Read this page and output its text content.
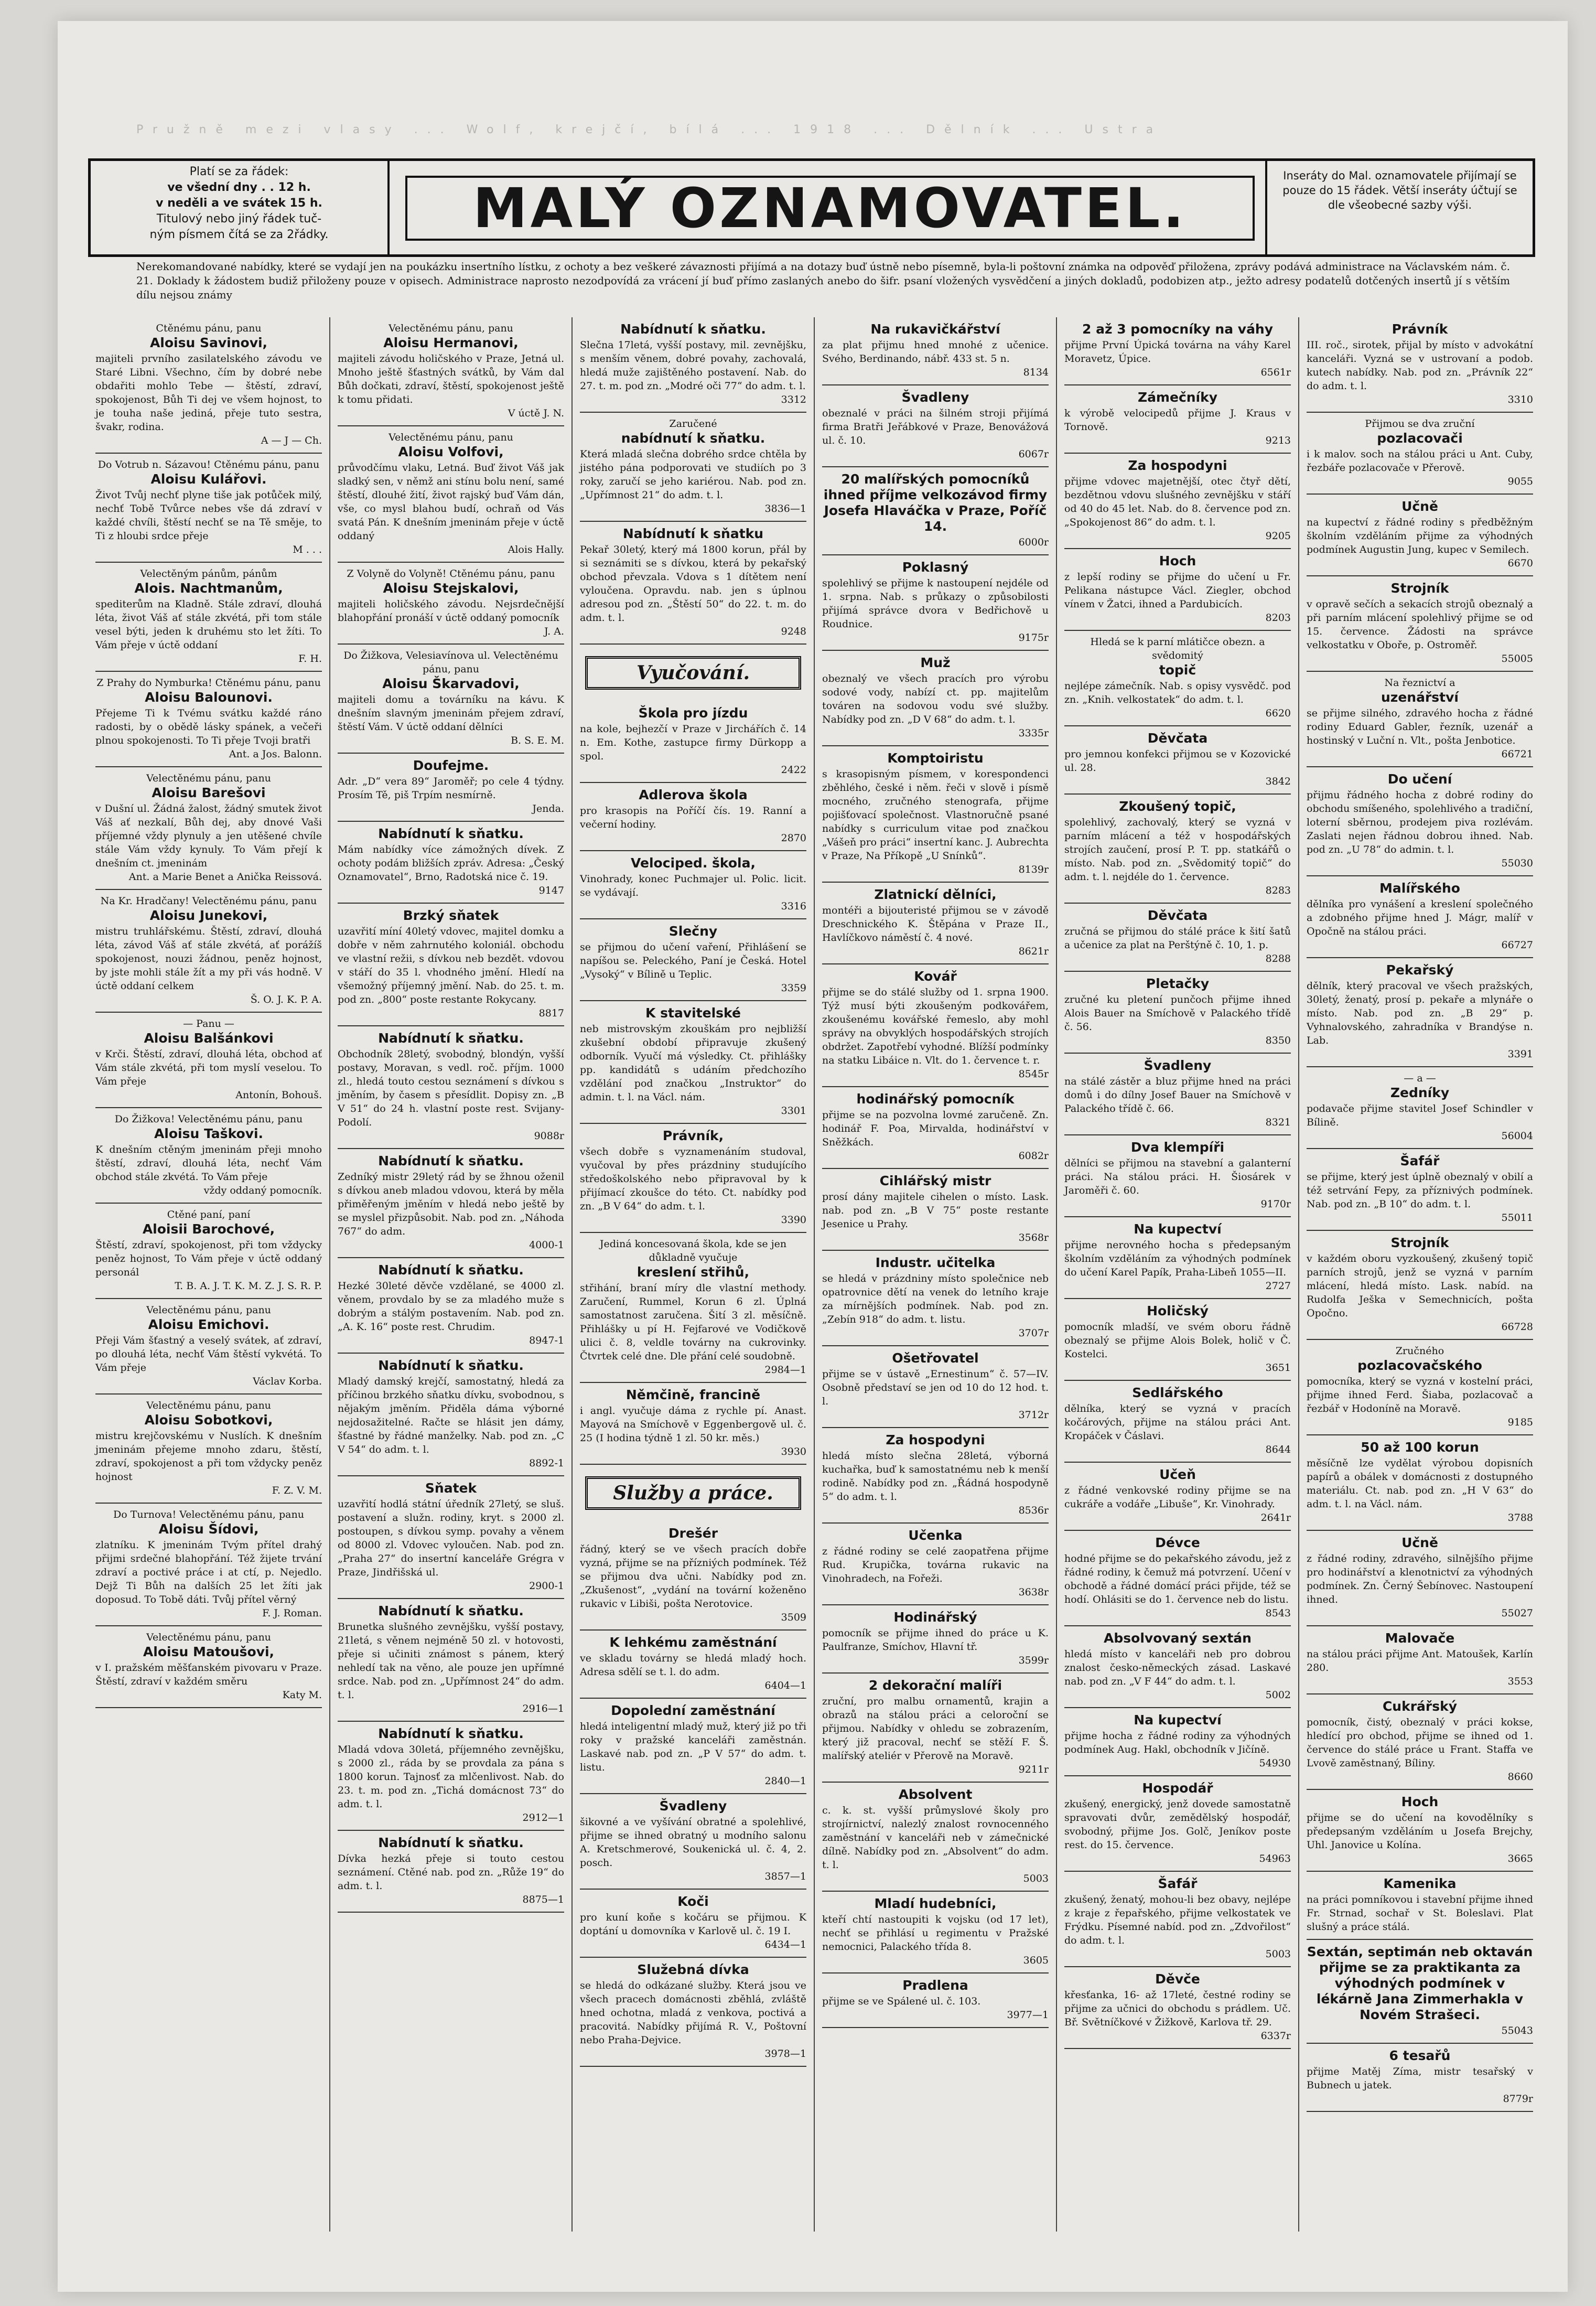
Pružně mezi vlasy ... Wolf, krejčí, bílá ... 1918 ... Dělník ... Ustra
Platí se za řádek:
ve všední dny . . 12 h.
v neděli a ve svátek 15 h.
Titulový nebo jiný řádek tuč-
ným písmem čítá se za 2řádky.	MALÝ OZNAMOVATEL.
Inseráty do Mal. oznamovatele přijímají se pouze do 15 řádek. Větší inseráty účtují se dle všeobecné sazby výši.
Nerekomandované nabídky, které se vydají jen na poukázku insertního lístku, z ochoty a bez veškeré závaznosti přijímá a na dotazy buď ústně nebo písemně, byla-li poštovní známka na odpověď přiložena, zprávy podává administrace na Václavském nám. č. 21. Doklady k žádostem budiž přiloženy pouze v opisech. Administrace naprosto nezodpovídá za vrácení jí buď přímo zaslaných anebo do šifr. psaní vložených vysvědčení a jiných dokladů, podobizen atp., ježto adresy podatelů dotčených insertů jí s větším dílu nejsou známy

Ctěnému pánu, panu

Aloisu Savinovi,

majiteli prvního zasilatelského závodu ve Staré Libni. Všechno, čím by dobré nebe obdařiti mohlo Tebe — štěstí, zdraví, spokojenost, Bůh Ti dej ve všem hojnost, to je touha naše jediná, přeje tuto sestra, švakr, rodina.

A — J — Ch.

Do Votrub n. Sázavou! Ctěnému pánu, panu

Aloisu Kulářovi.

Život Tvůj nechť plyne tiše jak potůček milý, nechť Tobě Tvůrce nebes vše dá zdraví v každé chvíli, štěstí nechť se na Tě směje, to Ti z hloubi srdce přeje

M . . .

Velectěným pánům, pánům

Alois. Nachtmanům,

spediterům na Kladně. Stále zdraví, dlouhá léta, život Váš ať stále zkvétá, při tom stále vesel býti, jeden k druhému sto let žíti. To Vám přeje v úctě oddaní

F. H.

Z Prahy do Nymburka! Ctěnému pánu, panu

Aloisu Balounovi.

Přejeme Ti k Tvému svátku každé ráno radosti, by o obědě lásky spánek, a večeři plnou spokojenosti. To Ti přeje Tvoji bratři

Ant. a Jos. Balonn.

Velectěnému pánu, panu

Aloisu Barešovi

v Dušní ul. Žádná žalost, žádný smutek život Váš ať nezkalí, Bůh dej, aby dnové Vaši příjemné vždy plynuly a jen utěšené chvíle stále Vám vždy kynuly. To Vám přejí k dnešním ct. jmeninám

Ant. a Marie Benet a Anička Reissová.

Na Kr. Hradčany! Velectěnému pánu, panu

Aloisu Junekovi,

mistru truhlářskému. Štěstí, zdraví, dlouhá léta, závod Váš ať stále zkvétá, ať porážíš spokojenost, nouzi žádnou, peněz hojnost, by jste mohli stále žít a my při vás hodně. V úctě oddaní celkem

Š. O. J. K. P. A.

— Panu —

Aloisu Balšánkovi

v Krči. Štěstí, zdraví, dlouhá léta, obchod ať Vám stále zkvétá, při tom myslí veselou. To Vám přeje

Antonín, Bohouš.

Do Žižkova! Velectěnému pánu, panu

Aloisu Taškovi.

K dnešním ctěným jmeninám přeji mnoho štěstí, zdraví, dlouhá léta, nechť Vám obchod stále zkvétá. To Vám přeje

vždy oddaný pomocník.

Ctěné paní, paní

Aloisii Barochové,

Štěstí, zdraví, spokojenost, při tom vždycky peněz hojnost, To Vám přeje v úctě oddaný personál

T. B. A. J. T. K. M. Z. J. S. R. P.

Velectěnému pánu, panu

Aloisu Emichovi.

Přeji Vám šťastný a veselý svátek, ať zdraví, po dlouhá léta, nechť Vám štěstí vykvétá. To Vám přeje

Václav Korba.

Velectěnému pánu, panu

Aloisu Sobotkovi,

mistru krejčovskému v Nuslích. K dnešním jmeninám přejeme mnoho zdaru, štěstí, zdraví, spokojenost a při tom vždycky peněz hojnost

F. Z. V. M.

Do Turnova! Velectěnému pánu, panu

Aloisu Šídovi,

zlatníku. K jmeninám Tvým přítel drahý přijmi srdečné blahopřání. Též žijete trvání zdraví a poctivé práce i at ctí, p. Nejedlo. Dejž Ti Bůh na dalších 25 let žíti jak doposud. To Tobě dáti. Tvůj přítel věrný

F. J. Roman.

Velectěnému pánu, panu

Aloisu Matoušovi,

v I. pražském měšťanském pivovaru v Praze. Štěstí, zdraví v každém směru

Katy M.

Velectěnému pánu, panu

Aloisu Hermanovi,

majiteli závodu holičského v Praze, Jetná ul. Mnoho ještě šťastných svátků, by Vám dal Bůh dočkati, zdraví, štěstí, spokojenost ještě k tomu přidati.

V úctě J. N.

Velectěnému pánu, panu

Aloisu Volfovi,

průvodčímu vlaku, Letná. Buď život Váš jak sladký sen, v němž ani stínu bolu není, samé štěstí, dlouhé žití, život rajský buď Vám dán, vše, co mysl blahou budí, ochraň od Vás svatá Pán. K dnešním jmeninám přeje v úctě oddaný

Alois Hally.

Z Volyně do Volyně! Ctěnému pánu, panu

Aloisu Stejskalovi,

majiteli holičského závodu. Nejsrdečnější blahopřání pronáší v úctě oddaný pomocník

J. A.

Do Žižkova, Velesiavínova ul. Velectěnému pánu, panu

Aloisu Škarvadovi,

majiteli domu a továrníku na kávu. K dnešním slavným jmeninám přejem zdraví, štěstí Vám. V úctě oddaní dělníci

B. S. E. M.

Doufejme.

Adr. „D“ vera 89“ Jaroměř; po cele 4 týdny. Prosím Tě, piš Trpím nesmírně.

Jenda.

Nabídnutí k sňatku.

Mám nabídky více zámožných dívek. Z ochoty podám bližších zpráv. Adresa: „Český Oznamovatel“, Brno, Radotská nice č. 19.

9147

Brzký sňatek

uzavřití míní 40letý vdovec, majitel domku a dobře v něm zahrnutého koloniál. obchodu ve vlastní režii, s dívkou neb bezdět. vdovou v stáří do 35 l. vhodného jmění. Hledí na všemožný příjemný jmění. Nab. do 25. t. m. pod zn. „800“ poste restante Rokycany.

8817

Nabídnutí k sňatku.

Obchodník 28letý, svobodný, blondýn, vyšší postavy, Moravan, s vedl. roč. příjm. 1000 zl., hledá touto cestou seznámení s dívkou s jměním, by časem s přesídlit. Dopisy zn. „B V 51“ do 24 h. vlastní poste rest. Svijany-Podolí.

9088r

Nabídnutí k sňatku.

Zedníký mistr 29letý rád by se žhnou oženil s dívkou aneb mladou vdovou, která by měla přiměřeným jměním v hledá nebo ještě by se myslel přizpůsobit. Nab. pod zn. „Náhoda 767“ do adm.

4000-1

Nabídnutí k sňatku.

Hezké 30leté děvče vzdělané, se 4000 zl. věnem, provdalo by se za mladého muže s dobrým a stálým postavením. Nab. pod zn. „A. K. 16“ poste rest. Chrudim.

8947-1

Nabídnutí k sňatku.

Mladý damský krejčí, samostatný, hledá za příčinou brzkého sňatku dívku, svobodnou, s nějakým jměním. Přiděla dáma výborné nejdosažitelné. Račte se hlásit jen dámy, šťastné by řádné manželky. Nab. pod zn. „C V 54“ do adm. t. l.

8892-1

Sňatek

uzavřití hodlá státní úředník 27letý, se sluš. postavení a služn. rodiny, kryt. s 2000 zl. postoupen, s dívkou symp. povahy a věnem od 8000 zl. Vdovec vyloučen. Nab. pod zn. „Praha 27“ do insertní kanceláře Grégra v Praze, Jindřišská ul.

2900-1

Nabídnutí k sňatku.

Brunetka slušného zevnějšku, vyšší postavy, 21letá, s věnem nejméně 50 zl. v hotovosti, přeje si učiniti známost s pánem, který nehledí tak na věno, ale pouze jen upřímné srdce. Nab. pod zn. „Upřímnost 24“ do adm. t. l.

2916—1

Nabídnutí k sňatku.

Mladá vdova 30letá, příjemného zevnějšku, s 2000 zl., ráda by se provdala za pána s 1800 korun. Tajnosť za mlčenlivost. Nab. do 23. t. m. pod zn. „Tichá domácnost 73“ do adm. t. l.

2912—1

Nabídnutí k sňatku.

Dívka hezká přeje si touto cestou seznámení. Ctěné nab. pod zn. „Růže 19“ do adm. t. l.

8875—1

Nabídnutí k sňatku.

Slečna 17letá, vyšší postavy, mil. zevnějšku, s menším věnem, dobré povahy, zachovalá, hledá muže zajištěného postavení. Nab. do 27. t. m. pod zn. „Modré oči 77“ do adm. t. l.

3312

Zaručené

nabídnutí k sňatku.

Která mladá slečna dobrého srdce chtěla by jistého pána podporovati ve studiích po 3 roky, zaručí se jeho kariérou. Nab. pod zn. „Upřímnost 21“ do adm. t. l.

3836—1

Nabídnutí k sňatku

Pekař 30letý, který má 1800 korun, přál by si seznámiti se s dívkou, která by pekařský obchod převzala. Vdova s 1 dítětem není vyloučena. Opravdu. nab. jen s úplnou adresou pod zn. „Štěstí 50“ do 22. t. m. do adm. t. l.

9248

Vyučování.
Škola pro jízdu

na kole, bejhezčí v Praze v Jirchářích č. 14 n. Em. Kothe, zastupce firmy Dürkopp a spol.

2422

Adlerova škola

pro krasopis na Poříčí čís. 19. Ranní a večerní hodiny.

2870

Velociped. škola,

Vinohrady, konec Puchmajer ul. Polic. licit. se vydávají.

3316

Slečny

se přijmou do učení vaření, Přihlášení se napíšou se. Peleckého, Paní je Česká. Hotel „Vysoký“ v Bílině u Teplic.

3359

K stavitelské

neb mistrovským zkouškám pro nejbližší zkušební období připravuje zkušený odborník. Vyučí má výsledky. Ct. přihlášky pp. kandidátů s udáním předchozího vzdělání pod značkou „Instruktor“ do admin. t. l. na Václ. nám.

3301

Právník,

všech dobře s vyznamenáním studoval, vyučoval by přes prázdniny studujícího středoškolského nebo připravoval by k přijímací zkoušce do této. Ct. nabídky pod zn. „B V 64“ do adm. t. l.

3390

Jediná koncesovaná škola, kde se jen důkladně vyučuje

kreslení střihů,

střihání, braní míry dle vlastní methody. Zaručení, Rummel, Korun 6 zl. Úplná samostatnost zaručena. Šití 3 zl. měsíčně. Přihlášky u pí H. Fejfarové ve Vodičkově ulici č. 8, veldle továrny na cukrovinky. Čtvrtek celé dne. Dle přání celé soudobně.

2984—1

Němčině, francině

i angl. vyučuje dáma z rychle pí. Anast. Mayová na Smíchově v Eggenbergově ul. č. 25 (I hodina týdně 1 zl. 50 kr. měs.)

3930

Služby a práce.
Drešér

řádný, který se ve všech pracích dobře vyzná, přijme se na přízniých podmínek. Též se přijmou dva učni. Nabídky pod zn. „Zkušenost“, „vydání na tovární koženěno rukavic v Libiši, pošta Nerotovice.

3509

K lehkému zaměstnání

ve skladu továrny se hledá mladý hoch. Adresa sdělí se t. l. do adm.

6404—1

Dopolední zaměstnání

hledá inteligentní mladý muž, který již po tři roky v pražské kanceláři zaměstnán. Laskavé nab. pod zn. „P V 57“ do adm. t. listu.

2840—1

Švadleny

šikovné a ve vyšívání obratné a spolehlivé, přijme se ihned obratný u modního salonu A. Kretschmerové, Soukenická ul. č. 4, 2. posch.

3857—1

Koči

pro kuní koňe s kočáru se přijmou. K doptání u domovníka v Karlově ul. č. 19 I.

6434—1

Služebná dívka

se hledá do odkázané služby. Která jsou ve všech pracech domácnosti zběhlá, zvláště hned ochotna, mladá z venkova, poctivá a pracovitá. Nabídky přijímá R. V., Poštovní nebo Praha-Dejvice.

3978—1

Na rukavičkářství

za plat přijmu hned mnohé z učenice. Svého, Berdinando, nábř. 433 st. 5 n.

8134

Švadleny

obeznalé v práci na šilném stroji přijímá firma Bratři Jeřábkové v Praze, Benovážová ul. č. 10.

6067r

20 malířských pomocníků ihned příjme velkozávod firmy Josefa Hlaváčka v Praze, Poříč 14.

6000r

Poklasný

spolehlivý se přijme k nastoupení nejdéle od 1. srpna. Nab. s průkazy o způsobilosti přijímá správce dvora v Bedřichově u Roudnice.

9175r

Muž

obeznalý ve všech pracích pro výrobu sodové vody, nabízí ct. pp. majitelům továren na sodovou vodu své služby. Nabídky pod zn. „D V 68“ do adm. t. l.

3335r

Komptoiristu

s krasopisným písmem, v korespondenci zběhlého, české i něm. řeči v slově i písmě mocného, zručného stenografa, přijme pojišťovací společnost. Vlastnoručně psané nabídky s curriculum vitae pod značkou „Vášeň pro práci“ insertní kanc. J. Aubrechta v Praze, Na Příkopě „U Snínků“.

8139r

Zlatnickí dělníci,

montéři a bijouteristé přijmou se v závodě Dreschnického K. Štěpána v Praze II., Havlíčkovo náměstí č. 4 nové.

8621r

Kovář

přijme se do stálé služby od 1. srpna 1900. Týž musí býti zkoušeným podkovářem, zkoušenému kovářské řemeslo, aby mohl správy na obvyklých hospodářských strojích obdržet. Zapotřebí vyhodné. Blížší podmínky na statku Libáice n. Vlt. do 1. července t. r.

8545r

hodinářský pomocník

přijme se na pozvolna lovmé zaručeně. Zn. hodinář F. Poa, Mirvalda, hodinářství v Sněžkách.

6082r

Cihlářský mistr

prosí dány majitele cihelen o místo. Lask. nab. pod zn. „B V 75“ poste restante Jesenice u Prahy.

3568r

Industr. učitelka

se hledá v prázdniny místo společnice neb opatrovnice dětí na venek do letního kraje za mírnějších podmínek. Nab. pod zn. „Zebín 918“ do adm. t. listu.

3707r

Ošetřovatel

přijme se v ústavě „Ernestinum“ č. 57—IV. Osobně představí se jen od 10 do 12 hod. t. l.

3712r

Za hospodyni

hledá místo slečna 28letá, výborná kuchařka, buď k samostatnému neb k menší rodině. Nabídky pod zn. „Řádná hospodyně 5“ do adm. t. l.

8536r

Učenka

z řádné rodiny se celé zaopatřena přijme Rud. Krupička, továrna rukavic na Vinohradech, na Fořeži.

3638r

Hodinářský

pomocník se přijme ihned do práce u K. Paulfranze, Smíchov, Hlavní tř.

3599r

2 dekorační malíři

zruční, pro malbu ornamentů, krajin a obrazů na stálou práci a celoroční se přijmou. Nabídky v ohledu se zobrazením, který již pracoval, nechť se stěží F. Š. malířský ateliér v Přerově na Moravě.

9211r

Absolvent

c. k. st. vyšší průmyslové školy pro strojírnictví, nalezlý znalost rovnocenného zaměstnání v kanceláři neb v zámečnické dílně. Nabídky pod zn. „Absolvent“ do adm. t. l.

5003

Mladí hudebníci,

kteří chtí nastoupiti k vojsku (od 17 let), nechť se přihlásí u regimentu v Pražské nemocnici, Palackého třída 8.

3605

Pradlena

přijme se ve Spálené ul. č. 103.

3977—1

2 až 3 pomocníky na váhy

přijme První Úpická továrna na váhy Karel Moravetz, Úpice.

6561r

Zámečníky

k výrobě velocipedů přijme J. Kraus v Tornově.

9213

Za hospodyni

přijme vdovec majetnější, otec čtyř dětí, bezdětnou vdovu slušného zevnějšku v stáří od 40 do 45 let. Nab. do 8. července pod zn. „Spokojenost 86“ do adm. t. l.

9205

Hoch

z lepší rodiny se přijme do učení u Fr. Pelikana nástupce Václ. Ziegler, obchod vínem v Žatci, ihned a Pardubicích.

8203

Hledá se k parní mlátičce obezn. a svědomitý

topič

nejlépe zámečník. Nab. s opisy vysvědč. pod zn. „Knih. velkostatek“ do adm. t. l.

6620

Děvčata

pro jemnou konfekci přijmou se v Kozovické ul. 28.

3842

Zkoušený topič,

spolehlivý, zachovalý, který se vyzná v parním mlácení a též v hospodářských strojích zaučení, prosí P. T. pp. statkářů o místo. Nab. pod zn. „Svědomitý topič“ do adm. t. l. nejdéle do 1. července.

8283

Děvčata

zručná se přijmou do stálé práce k šití šatů a učenice za plat na Perštýně č. 10, 1. p.

8288

Pletačky

zručné ku pletení punčoch přijme ihned Alois Bauer na Smíchově v Palackého třídě č. 56.

8350

Švadleny

na stálé zástěr a bluz přijme hned na práci domů i do dílny Josef Bauer na Smíchově v Palackého třídě č. 66.

8321

Dva klempíři

dělníci se přijmou na stavební a galanterní práci. Na stálou práci. H. Šiosárek v Jaroměři č. 60.

9170r

Na kupectví

přijme nerovného hocha s předepsaným školním vzděláním za výhodných podmínek do učení Karel Papík, Praha-Libeň 1055—II.

2727

Holičský

pomocník mladší, ve svém oboru řádně obeznalý se přijme Alois Bolek, holič v Č. Kostelci.

3651

Sedlářského

dělníka, který se vyzná v pracích kočárových, přijme na stálou práci Ant. Kropáček v Čáslavi.

8644

Učeň

z řádné venkovské rodiny přijme se na cukráře a vodáře „Libuše“, Kr. Vinohrady.

2641r

Dévce

hodné přijme se do pekařského závodu, jež z řádné rodiny, k čemuž má potvrzení. Učení v obchodě a řádné domácí práci přijde, též se hodí. Ohlásiti se do 1. července neb do listu.

8543

Absolvovaný sextán

hledá místo v kanceláři neb pro dobrou znalost česko-německých zásad. Laskavé nab. pod zn. „V F 44“ do adm. t. l.

5002

Na kupectví

přijme hocha z řádné rodiny za výhodných podmínek Aug. Hakl, obchodník v Jičíně.

54930

Hospodář

zkušený, energický, jenž dovede samostatně spravovati dvůr, zemědělský hospodář, svobodný, přijme Jos. Golč, Jeníkov poste rest. do 15. července.

54963

Šafář

zkušený, ženatý, mohou-li bez obavy, nejlépe z kraje z řepařského, přijme velkostatek ve Frýdku. Písemné nabíd. pod zn. „Zdvořilost“ do adm. t. l.

5003

Děvče

křesťanka, 16- až 17leté, čestné rodiny se přijme za učnici do obchodu s prádlem. Uč. Bř. Světníčkové v Žižkově, Karlova tř. 29.

6337r

Právník

III. roč., sirotek, přijal by místo v advokátní kanceláři. Vyzná se v ustrovaní a podob. kutech nabídky. Nab. pod zn. „Právník 22“ do adm. t. l.

3310

Přijmou se dva zruční

pozlacovači

i k malov. soch na stálou práci u Ant. Cuby, řezbáře pozlacovače v Přerově.

9055

Učně

na kupectví z řádné rodiny s předběžným školním vzděláním přijme za výhodných podmínek Augustin Jung, kupec v Semilech.

6670

Strojník

v opravě sečích a sekacích strojů obeznalý a při parním mlácení spolehlivý přijme se od 15. července. Žádosti na správce velkostatku v Oboře, p. Ostroměř.

55005

Na řeznictví a

uzenářství

se přijme silného, zdravého hocha z řádné rodiny Eduard Gabler, řezník, uzenář a hostinský v Luční n. Vlt., pošta Jenbotice.

66721

Do učení

přijmu řádného hocha z dobré rodiny do obchodu smíšeného, spolehlivého a tradiční, loterní sběrnou, prodejem piva rozlévám. Zaslati nejen řádnou dobrou ihned. Nab. pod zn. „U 78“ do admin. t. l.

55030

Malířského

dělníka pro vynášení a kreslení společného a zdobného přijme hned J. Mágr, malíř v Opočně na stálou práci.

66727

Pekařský

dělník, který pracoval ve všech pražských, 30letý, ženatý, prosí p. pekaře a mlynáře o místo. Nab. pod zn. „B 29“ p. Vyhnalovského, zahradníka v Brandýse n. Lab.

3391

— a —

Zedníky

podavače přijme stavitel Josef Schindler v Bílině.

56004

Šafář

se přijme, který jest úplně obeznalý v obilí a též setrvání Fepy, za příznivých podmínek. Nab. pod zn. „B 10“ do adm. t. l.

55011

Strojník

v každém oboru vyzkoušený, zkušený topič parních strojů, jenž se vyzná v parním mlácení, hledá místo. Lask. nabíd. na Rudolfa Ješka v Semechnicích, pošta Opočno.

66728

Zručného

pozlacovačského

pomocníka, který se vyzná v kostelní práci, přijme ihned Ferd. Šiaba, pozlacovač a řezbář v Hodoníně na Moravě.

9185

50 až 100 korun

měsíčně lze vydělat výrobou dopisních papírů a obálek v domácnosti z dostupného materiálu. Ct. nab. pod zn. „H V 63“ do adm. t. l. na Václ. nám.

3788

Učně

z řádné rodiny, zdravého, silnějšího přijme pro hodinářství a klenotnictví za výhodných podmínek. Zn. Černý Šebínovec. Nastoupení ihned.

55027

Malovače

na stálou práci přijme Ant. Matoušek, Karlín 280.

3553

Cukrářský

pomocník, čistý, obeznalý v práci kokse, hledící pro obchod, přijme se ihned od 1. července do stálé práce u Frant. Staffa ve Lvově zaměstnaný, Bíliny.

8660

Hoch

přijme se do učení na kovodělníky s předepsaným vzděláním u Josefa Brejchy, Uhl. Janovice u Kolína.

3665

Kamenika

na práci pomníkovou i stavební přijme ihned Fr. Strnad, sochař v St. Boleslavi. Plat slušný a práce stálá.

Sextán, septimán neb oktaván přijme se za praktikanta za výhodných podmínek v lékárně Jana Zimmerhakla v Novém Strašeci.

55043

6 tesařů

přijme Matěj Zíma, mistr tesařský v Bubnech u jatek.

8779r
